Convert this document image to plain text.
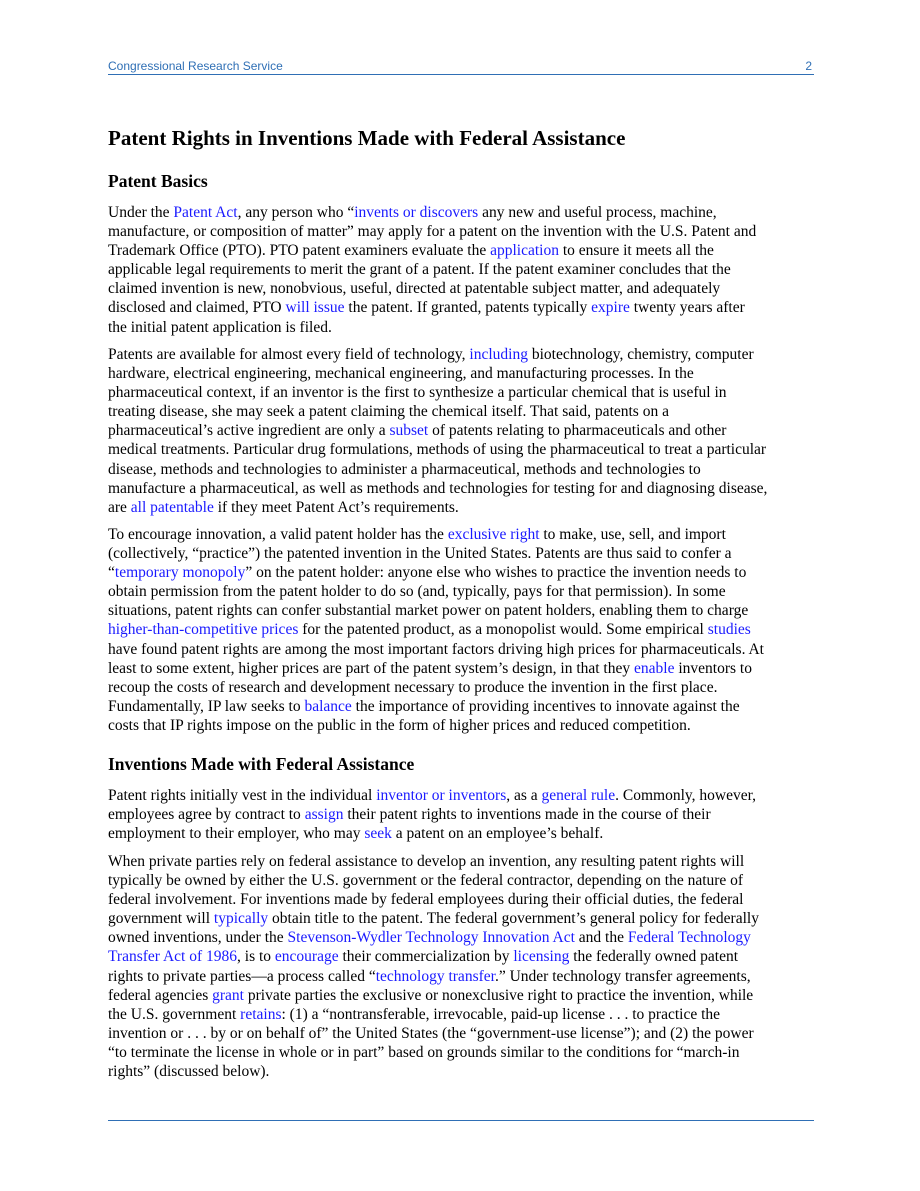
Congressional Research Service	2
Patent Rights in Inventions Made with Federal Assistance
Patent Basics

Under the Patent Act, any person who “invents or discovers any new and useful process, machine,
manufacture, or composition of matter” may apply for a patent on the invention with the U.S. Patent and
Trademark Office (PTO). PTO patent examiners evaluate the application to ensure it meets all the
applicable legal requirements to merit the grant of a patent. If the patent examiner concludes that the
claimed invention is new, nonobvious, useful, directed at patentable subject matter, and adequately
disclosed and claimed, PTO will issue the patent. If granted, patents typically expire twenty years after
the initial patent application is filed.

Patents are available for almost every field of technology, including biotechnology, chemistry, computer
hardware, electrical engineering, mechanical engineering, and manufacturing processes. In the
pharmaceutical context, if an inventor is the first to synthesize a particular chemical that is useful in
treating disease, she may seek a patent claiming the chemical itself. That said, patents on a
pharmaceutical’s active ingredient are only a subset of patents relating to pharmaceuticals and other
medical treatments. Particular drug formulations, methods of using the pharmaceutical to treat a particular
disease, methods and technologies to administer a pharmaceutical, methods and technologies to
manufacture a pharmaceutical, as well as methods and technologies for testing for and diagnosing disease,
are all patentable if they meet Patent Act’s requirements.

To encourage innovation, a valid patent holder has the exclusive right to make, use, sell, and import
(collectively, “practice”) the patented invention in the United States. Patents are thus said to confer a
“temporary monopoly” on the patent holder: anyone else who wishes to practice the invention needs to
obtain permission from the patent holder to do so (and, typically, pays for that permission). In some
situations, patent rights can confer substantial market power on patent holders, enabling them to charge
higher-than-competitive prices for the patented product, as a monopolist would. Some empirical studies
have found patent rights are among the most important factors driving high prices for pharmaceuticals. At
least to some extent, higher prices are part of the patent system’s design, in that they enable inventors to
recoup the costs of research and development necessary to produce the invention in the first place.
Fundamentally, IP law seeks to balance the importance of providing incentives to innovate against the
costs that IP rights impose on the public in the form of higher prices and reduced competition.

Inventions Made with Federal Assistance

Patent rights initially vest in the individual inventor or inventors, as a general rule. Commonly, however,
employees agree by contract to assign their patent rights to inventions made in the course of their
employment to their employer, who may seek a patent on an employee’s behalf.

When private parties rely on federal assistance to develop an invention, any resulting patent rights will
typically be owned by either the U.S. government or the federal contractor, depending on the nature of
federal involvement. For inventions made by federal employees during their official duties, the federal
government will typically obtain title to the patent. The federal government’s general policy for federally
owned inventions, under the Stevenson-Wydler Technology Innovation Act and the Federal Technology
Transfer Act of 1986, is to encourage their commercialization by licensing the federally owned patent
rights to private parties—a process called “technology transfer.” Under technology transfer agreements,
federal agencies grant private parties the exclusive or nonexclusive right to practice the invention, while
the U.S. government retains: (1) a “nontransferable, irrevocable, paid-up license . . . to practice the
invention or . . . by or on behalf of” the United States (the “government-use license”); and (2) the power
“to terminate the license in whole or in part” based on grounds similar to the conditions for “march-in
rights” (discussed below).
